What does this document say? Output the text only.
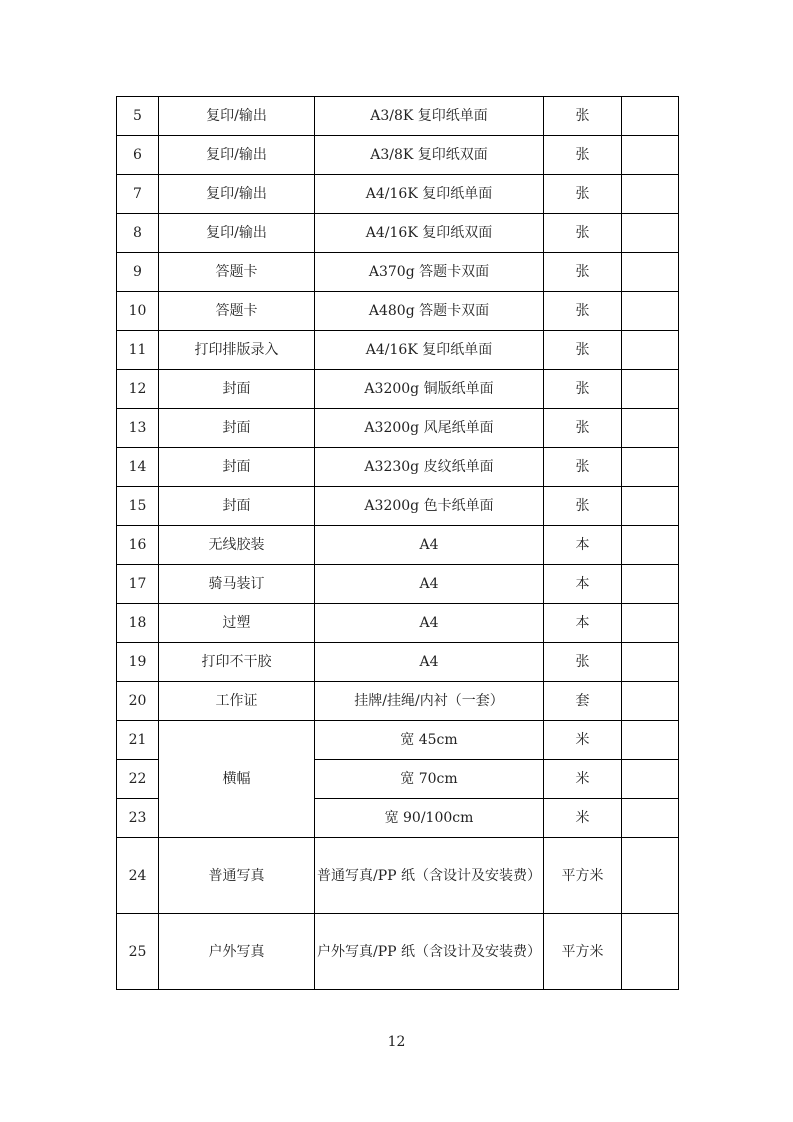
5	复印/输出	A3/8K 复印纸单面	张	
6	复印/输出	A3/8K 复印纸双面	张	
7	复印/输出	A4/16K 复印纸单面	张	
8	复印/输出	A4/16K 复印纸双面	张	
9	答题卡	A370g 答题卡双面	张	
10	答题卡	A480g 答题卡双面	张	
11	打印排版录入	A4/16K 复印纸单面	张	
12	封面	A3200g 铜版纸单面	张	
13	封面	A3200g 风尾纸单面	张	
14	封面	A3230g 皮纹纸单面	张	
15	封面	A3200g 色卡纸单面	张	
16	无线胶装	A4	本	
17	骑马装订	A4	本	
18	过塑	A4	本	
19	打印不干胶	A4	张	
20	工作证	挂牌/挂绳/内衬（一套）	套	
21	横幅	宽 45cm	米	
22		宽 70cm	米	
23		宽 90/100cm	米	
24	普通写真	普通写真/PP 纸（含设计及安装费）	平方米	
25	户外写真	户外写真/PP 纸（含设计及安装费）	平方米	
12
